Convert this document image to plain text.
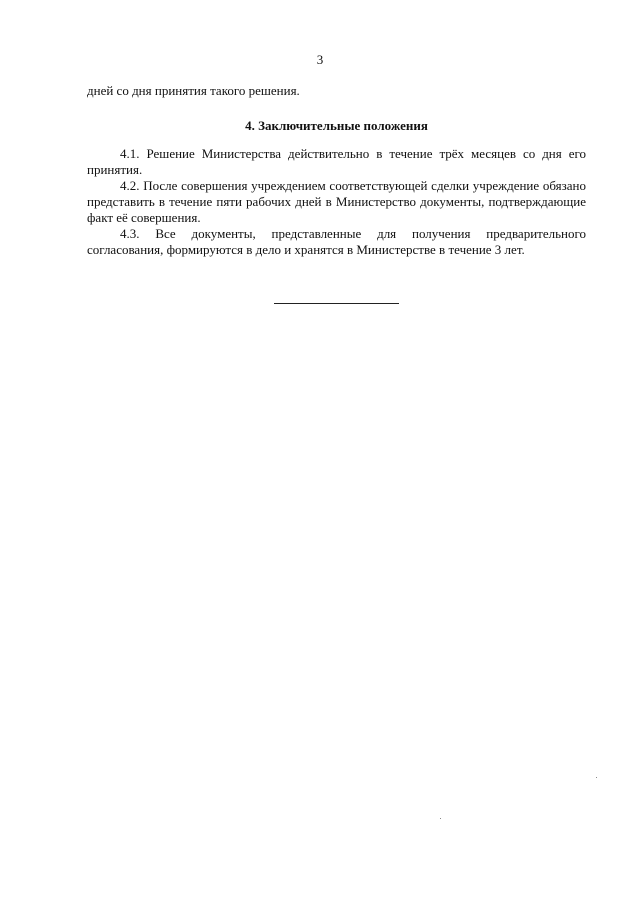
3

дней со дня принятия такого решения.

4. Заключительные положения

4.1. Решение Министерства действительно в течение трёх месяцев со дня его принятия.

4.2. После совершения учреждением соответствующей сделки учреждение обязано представить в течение пяти рабочих дней в Министерство документы, подтверждающие факт её совершения.

4.3. Все документы, представленные для получения предварительного согласования, формируются в дело и хранятся в Министерстве в течение 3 лет.
